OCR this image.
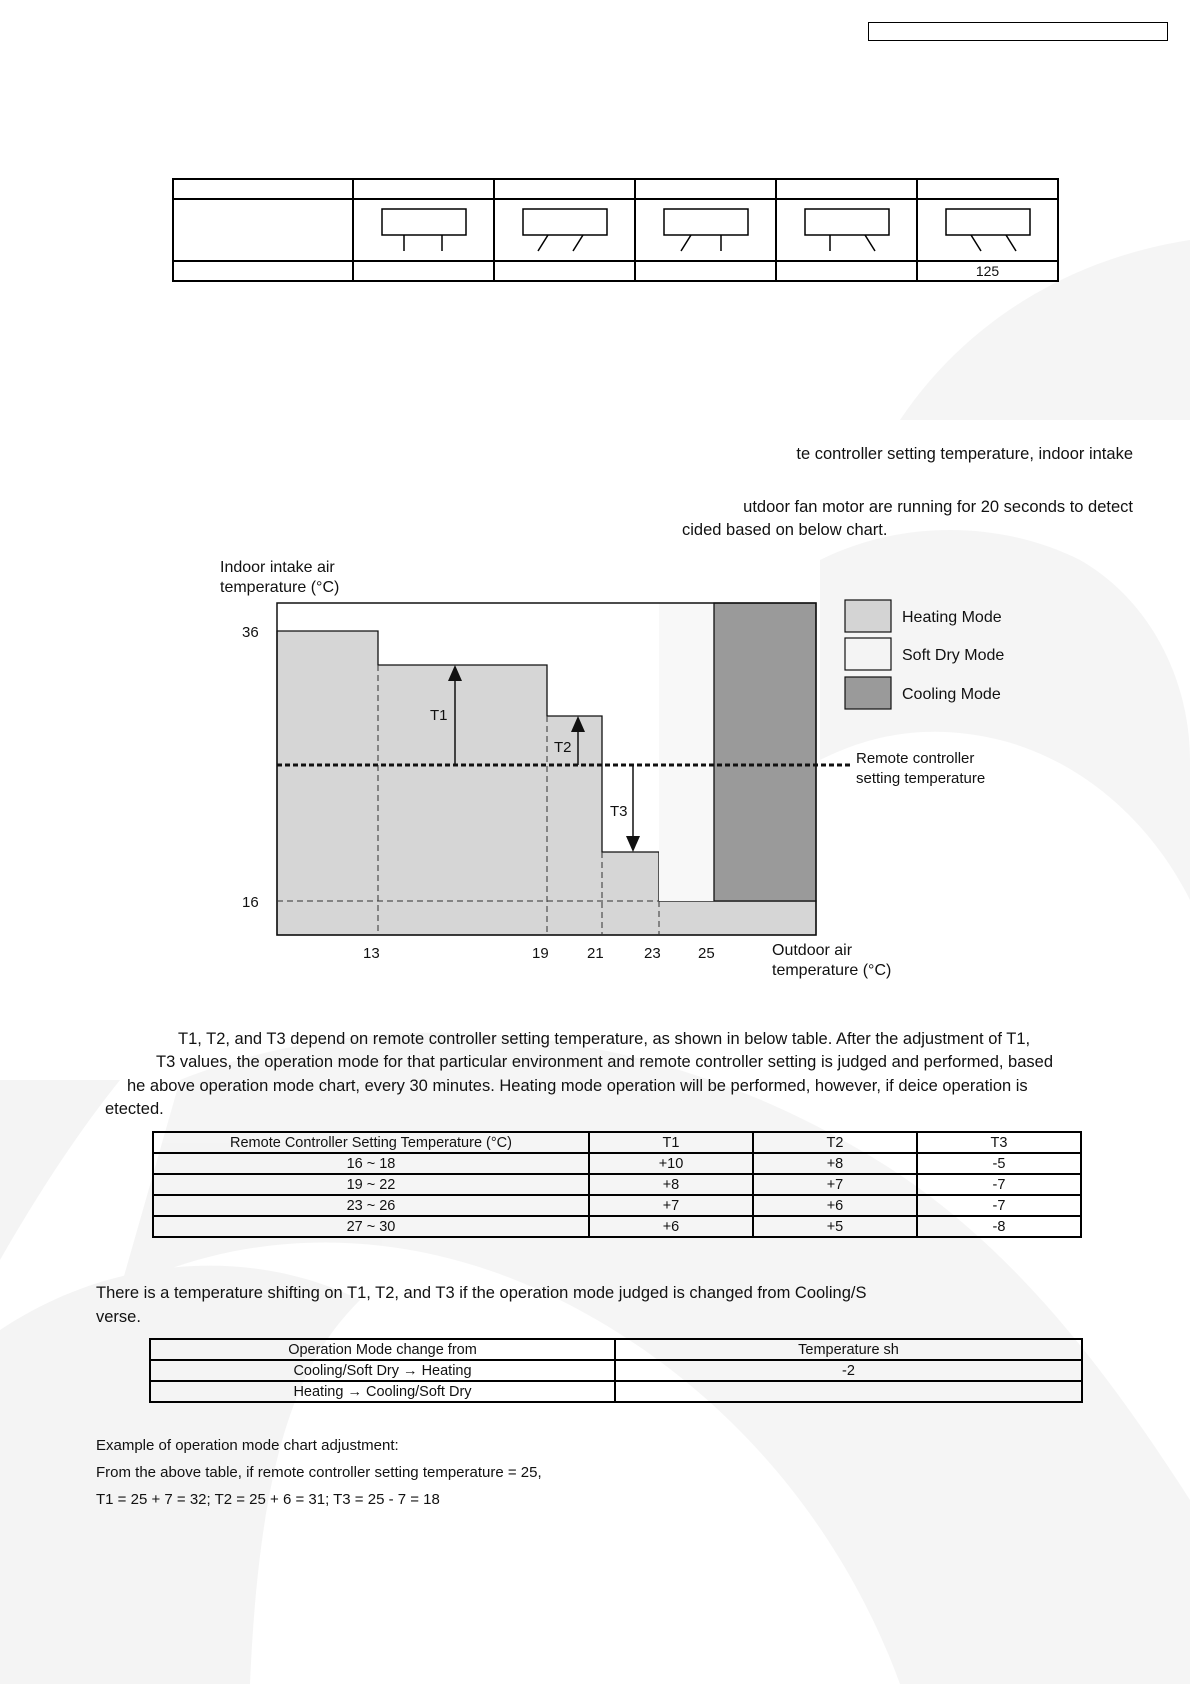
					125
te controller setting temperature, indoor intake
utdoor fan motor are running for 20 seconds to detect
cided based on below chart.
Indoor intake air
temperature (°C)
T1
T2
T3
36
16
13	19	21	23 25	Outdoor air
temperature (°C)
Heating Mode
Soft Dry Mode
Cooling Mode
Remote controller
setting temperature
T1, T2, and T3 depend on remote controller setting temperature, as shown in below table. After the adjustment of T1,
T3 values, the operation mode for that particular environment and remote controller setting is judged and performed, based
he above operation mode chart, every 30 minutes. Heating mode operation will be performed, however, if deice operation is
etected.
Remote Controller Setting Temperature (°C)	T1	T2	T3
16 ~ 18	+10	+8	-5
19 ~ 22	+8	+7	-7
23 ~ 26	+7	+6	-7
27 ~ 30	+6	+5	-8
There is a temperature shifting on T1, T2, and T3 if the operation mode judged is changed from Cooling/S
verse.
Operation Mode change from	Temperature sh
Cooling/Soft Dry → Heating	-2
Heating → Cooling/Soft Dry	
Example of operation mode chart adjustment:
From the above table, if remote controller setting temperature = 25,
T1 = 25 + 7 = 32; T2 = 25 + 6 = 31; T3 = 25 - 7 = 18
